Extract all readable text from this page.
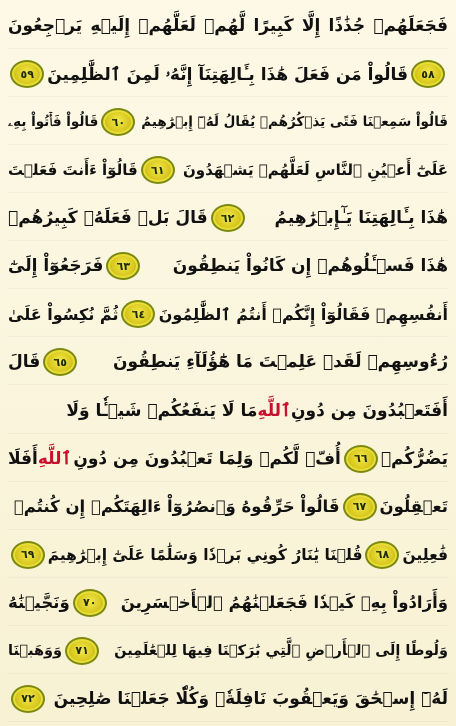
فَجَعَلَهُمۡ جُذَٰذًا إِلَّا كَبِيرًا لَّهُمۡ لَعَلَّهُمۡ إِلَيۡهِ يَرۡجِعُونَ
٥٨
قَالُواْ مَن فَعَلَ هَٰذَا بِـَٔالِهَتِنَآ إِنَّهُۥ لَمِنَ ٱلظَّٰلِمِينَ
٥٩
قَالُواْ سَمِعۡنَا فَتًى يَذۡكُرُهُمۡ يُقَالُ لَهُۥٓ إِبۡرَٰهِيمُ
٦٠
قَالُواْ فَأۡتُواْ بِهِۦ
عَلَىٰٓ أَعۡيُنِ ٱلنَّاسِ لَعَلَّهُمۡ يَشۡهَدُونَ
٦١
قَالُوٓاْ ءَأَنتَ فَعَلۡتَ
هَٰذَا بِـَٔالِهَتِنَا يَـٰٓإِبۡرَٰهِيمُ
٦٢
قَالَ بَلۡ فَعَلَهُۥ كَبِيرُهُمۡ
هَٰذَا فَسۡـَٔلُوهُمۡ إِن كَانُواْ يَنطِقُونَ
٦٣
فَرَجَعُوٓاْ إِلَىٰٓ
أَنفُسِهِمۡ فَقَالُوٓاْ إِنَّكُمۡ أَنتُمُ ٱلظَّٰلِمُونَ
٦٤
ثُمَّ نُكِسُواْ عَلَىٰ
رُءُوسِهِمۡ لَقَدۡ عَلِمۡتَ مَا هَٰٓؤُلَآءِ يَنطِقُونَ
٦٥
قَالَ
أَفَتَعۡبُدُونَ مِن دُونِ
ٱللَّهِ
مَا لَا يَنفَعُكُمۡ شَيۡـٔٗا وَلَا
يَضُرُّكُمۡ
٦٦
أُفّٖ لَّكُمۡ وَلِمَا تَعۡبُدُونَ مِن دُونِ
ٱللَّهِ
أَفَلَا
تَعۡقِلُونَ
٦٧
قَالُواْ حَرِّقُوهُ وَٱنصُرُوٓاْ ءَالِهَتَكُمۡ إِن كُنتُمۡ
فَٰعِلِينَ
٦٨
قُلۡنَا يَٰنَارُ كُونِي بَرۡدٗا وَسَلَٰمًا عَلَىٰٓ إِبۡرَٰهِيمَ
٦٩
وَأَرَادُواْ بِهِۦ كَيۡدٗا فَجَعَلۡنَٰهُمُ ٱلۡأَخۡسَرِينَ
٧٠
وَنَجَّيۡنَٰهُ
وَلُوطًا إِلَى ٱلۡأَرۡضِ ٱلَّتِي بَٰرَكۡنَا فِيهَا لِلۡعَٰلَمِينَ
٧١
وَوَهَبۡنَا
لَهُۥٓ إِسۡحَٰقَ وَيَعۡقُوبَ نَافِلَةٗۖ وَكُلّٗا جَعَلۡنَا صَٰلِحِينَ
٧٢
